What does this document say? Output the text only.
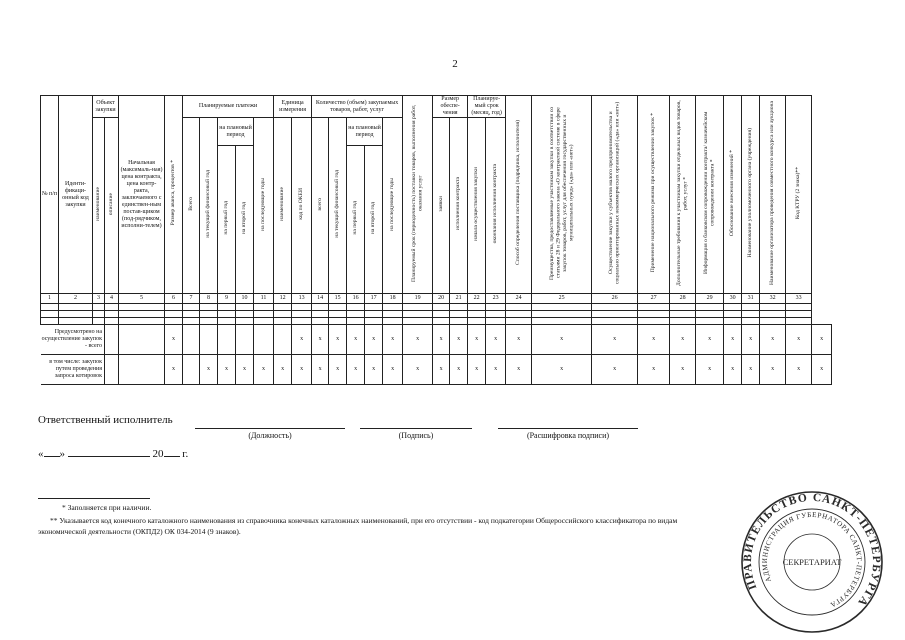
2
№ п/п	Иденти-фикаци-онный код закупки	Объект закупки		Начальная (максималь-ная) цена контракта, цена контр-ракта, заключаемого с единствен-ным постав-щиком (под-рядчиком, исполни-телем)	Размер аванса, процентов *	Планируемые платежи					Единица измерения		Количество (объем) закупаемых товаров, работ, услуг					Планируемый срок (периодичность) поставки товаров, выполнения работ, оказания услуг	Размер обеспе-чения		Планируе-мый срок (месяц, год)		Способ определения поставщика (подрядчика, исполнителя)	Преимущества, предоставляемые участникам закупки в соответствии со статьями 28 и 29 Федерального закона «О контрактной системе в сфере закупок товаров, работ, услуг для обеспечения государственных и муниципальных нужд» («да» или «нет»)	Осуществление закупки у субъектов малого предпринимательства и социально ориентированных некоммерческих организаций («да» или «нет»)	Применение национального режима при осуществлении закупок *	Дополнительные требования к участникам закупки отдельных видов товаров, работ, услуг *	Информация о банковском сопровождении контракта/ казначейском сопровождении контракта *	Обоснование внесения изменений *	Наименование уполномоченного органа (учреждения)	Наименование организатора проведения совместного конкурса или аукциона	Код КТРУ (2 знака)**	
		наименование	описание			Всего	на текущий финансовый год	на плановый период		на последующие годы	наименование	код по ОКЕИ	всего	на текущий финансовый год	на плановый период		на последующие годы		заявки	исполнения контракта	начала осуществления закупки	окончания исполнения контракта											

								на первый год	на второй год						на первый год	на второй год																	
1	2	3	4	5	6	7	8	9	10	11	12	13	14	15	16	17	18	19	20	21	22	23	24	25	26	27	28	29	30	31	32	33	

Предусмотрено на осуществление закупок - всего					x							x	x	x	x	x	x	x	x	x	x	x	x	x	x	x	x	x	x	x	x	x	x

в том числе: закупок путем проведения запроса котировок					x		x	x	x	x	x	x	x	x	x	x	x	x	x	x	x	x	x	x	x	x	x	x	x	x	x	x	x
Ответственный исполнитель
(Должность)	(Подпись)	(Расшифровка подписи)
« »	20 г.
* Заполняется при наличии.
** Указывается код конечного каталожного наименования из справочника конечных каталожных наименований, при его отсутствии - код подкатегории Общероссийского классификатора по видам
экономической деятельности (ОКПД2) ОК 034-2014 (9 знаков).
ПРАВИТЕЛЬСТВО САНКТ-ПЕТЕРБУРГА
АДМИНИСТРАЦИЯ ГУБЕРНАТОРА САНКТ-ПЕТЕРБУРГА
СЕКРЕТАРИАТ
